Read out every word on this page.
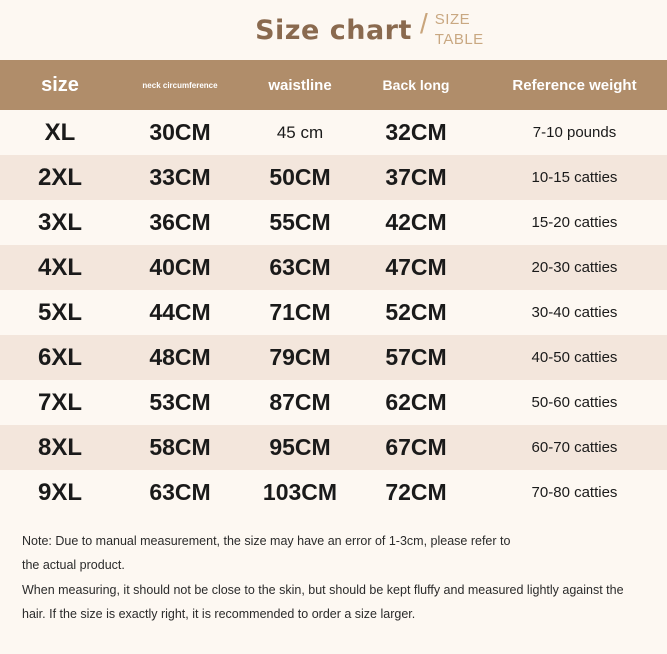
Size chart / SIZE TABLE
size	neck circumference	waistline	Back long	Reference weight
XL	30CM	45 cm	32CM	7-10 pounds
2XL	33CM	50CM	37CM	10-15 catties
3XL	36CM	55CM	42CM	15-20 catties
4XL	40CM	63CM	47CM	20-30 catties
5XL	44CM	71CM	52CM	30-40 catties
6XL	48CM	79CM	57CM	40-50 catties
7XL	53CM	87CM	62CM	50-60 catties
8XL	58CM	95CM	67CM	60-70 catties
9XL	63CM	103CM	72CM	70-80 catties
Note: Due to manual measurement, the size may have an error of 1-3cm, please refer to
the actual product.
When measuring, it should not be close to the skin, but should be kept fluffy and measured lightly against the
hair. If the size is exactly right, it is recommended to order a size larger.
